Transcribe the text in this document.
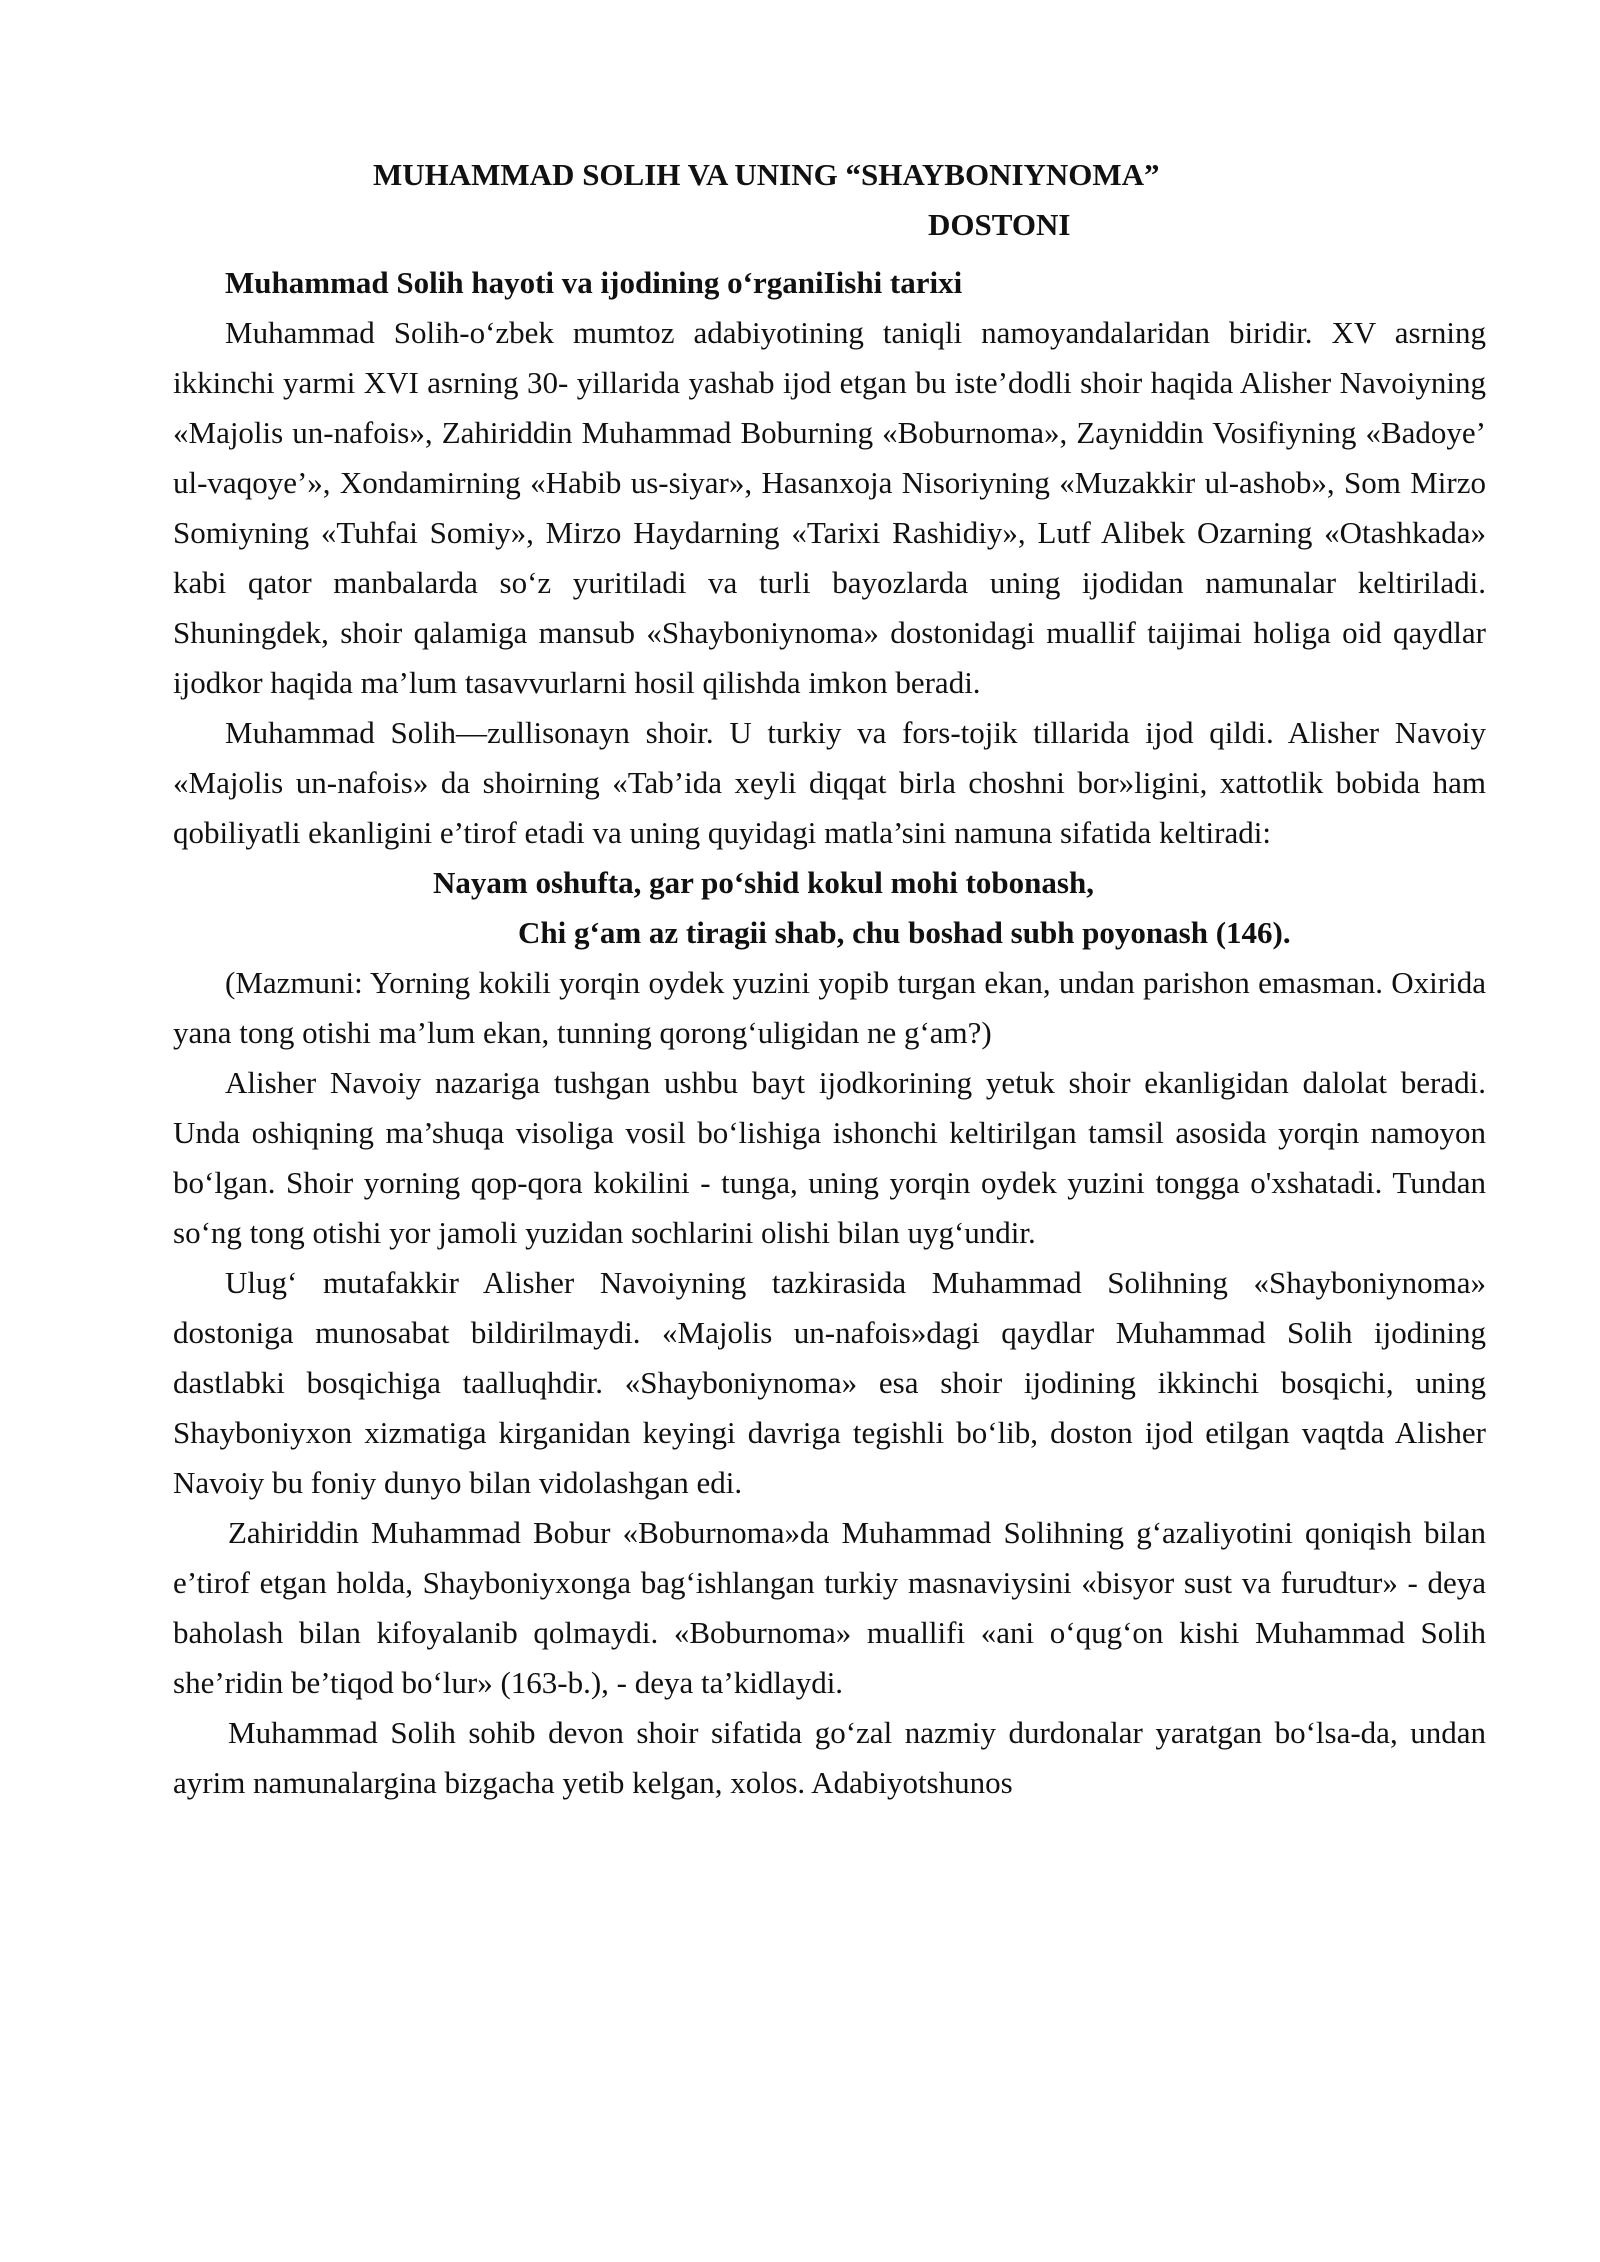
MUHAMMAD SOLIH VA UNING “SHAYBONIYNOMA”

DOSTONI

Muhammad Solih hayoti va ijodining o‘rganiIishi tarixi

Muhammad Solih-o‘zbek mumtoz adabiyotining taniqli namoyandalaridan biridir. XV asrning ikkinchi yarmi XVI asrning 30- yillarida yashab ijod etgan bu iste’dodli shoir haqida Alisher Navoiyning «Majolis un-nafois», Zahiriddin Muhammad Boburning «Boburnoma», Zayniddin Vosifiyning «Badoye’ ul-vaqoye’», Xondamirning «Habib us-siyar», Hasanxoja Nisoriyning «Muzakkir ul-ashob», Som Mirzo Somiyning «Tuhfai Somiy», Mirzo Haydarning «Tarixi Rashidiy», Lutf Alibek Ozarning «Otashkada» kabi qator manbalarda so‘z yuritiladi va turli bayozlarda uning ijodidan namunalar keltiriladi. Shuningdek, shoir qalamiga mansub «Shayboniynoma» dostonidagi muallif taijimai holiga oid qaydlar ijodkor haqida ma’lum tasavvurlarni hosil qilishda imkon beradi.

Muhammad Solih—zullisonayn shoir. U turkiy va fors-tojik tillarida ijod qildi. Alisher Navoiy «Majolis un-nafois» da shoirning «Tab’ida xeyli diqqat birla choshni bor»ligini, xattotlik bobida ham qobiliyatli ekanligini e’tirof etadi va uning quyidagi matla’sini namuna sifatida keltiradi:

Nayam oshufta, gar po‘shid kokul mohi tobonash,

Chi g‘am az tiragii shab, chu boshad subh poyonash (146).

(Mazmuni: Yorning kokili yorqin oydek yuzini yopib turgan ekan, undan parishon emasman. Oxirida yana tong otishi ma’lum ekan, tunning qorong‘uligidan ne g‘am?)

Alisher Navoiy nazariga tushgan ushbu bayt ijodkorining yetuk shoir ekanligidan dalolat beradi. Unda oshiqning ma’shuqa visoliga vosil bo‘lishiga ishonchi keltirilgan tamsil asosida yorqin namoyon bo‘lgan. Shoir yorning qop-qora kokilini - tunga, uning yorqin oydek yuzini tongga o'xshatadi. Tundan so‘ng tong otishi yor jamoli yuzidan sochlarini olishi bilan uyg‘undir.

Ulug‘ mutafakkir Alisher Navoiyning tazkirasida Muhammad Solihning «Shayboniynoma» dostoniga munosabat bildirilmaydi. «Majolis un-nafois»dagi qaydlar Muhammad Solih ijodining dastlabki bosqichiga taalluqhdir. «Shayboniynoma» esa shoir ijodining ikkinchi bosqichi, uning Shayboniyxon xizmatiga kirganidan keyingi davriga tegishli bo‘lib, doston ijod etilgan vaqtda Alisher Navoiy bu foniy dunyo bilan vidolashgan edi.

Zahiriddin Muhammad Bobur «Boburnoma»da Muhammad Solihning g‘azaliyotini qoniqish bilan e’tirof etgan holda, Shayboniyxonga bag‘ishlangan turkiy masnaviysini «bisyor sust va furudtur» - deya baholash bilan kifoyalanib qolmaydi. «Boburnoma» muallifi «ani o‘qug‘on kishi Muhammad Solih she’ridin be’tiqod bo‘lur» (163-b.), - deya ta’kidlaydi.

Muhammad Solih sohib devon shoir sifatida go‘zal nazmiy durdonalar yaratgan bo‘lsa-da, undan ayrim namunalargina bizgacha yetib kelgan, xolos. Adabiyotshunos
